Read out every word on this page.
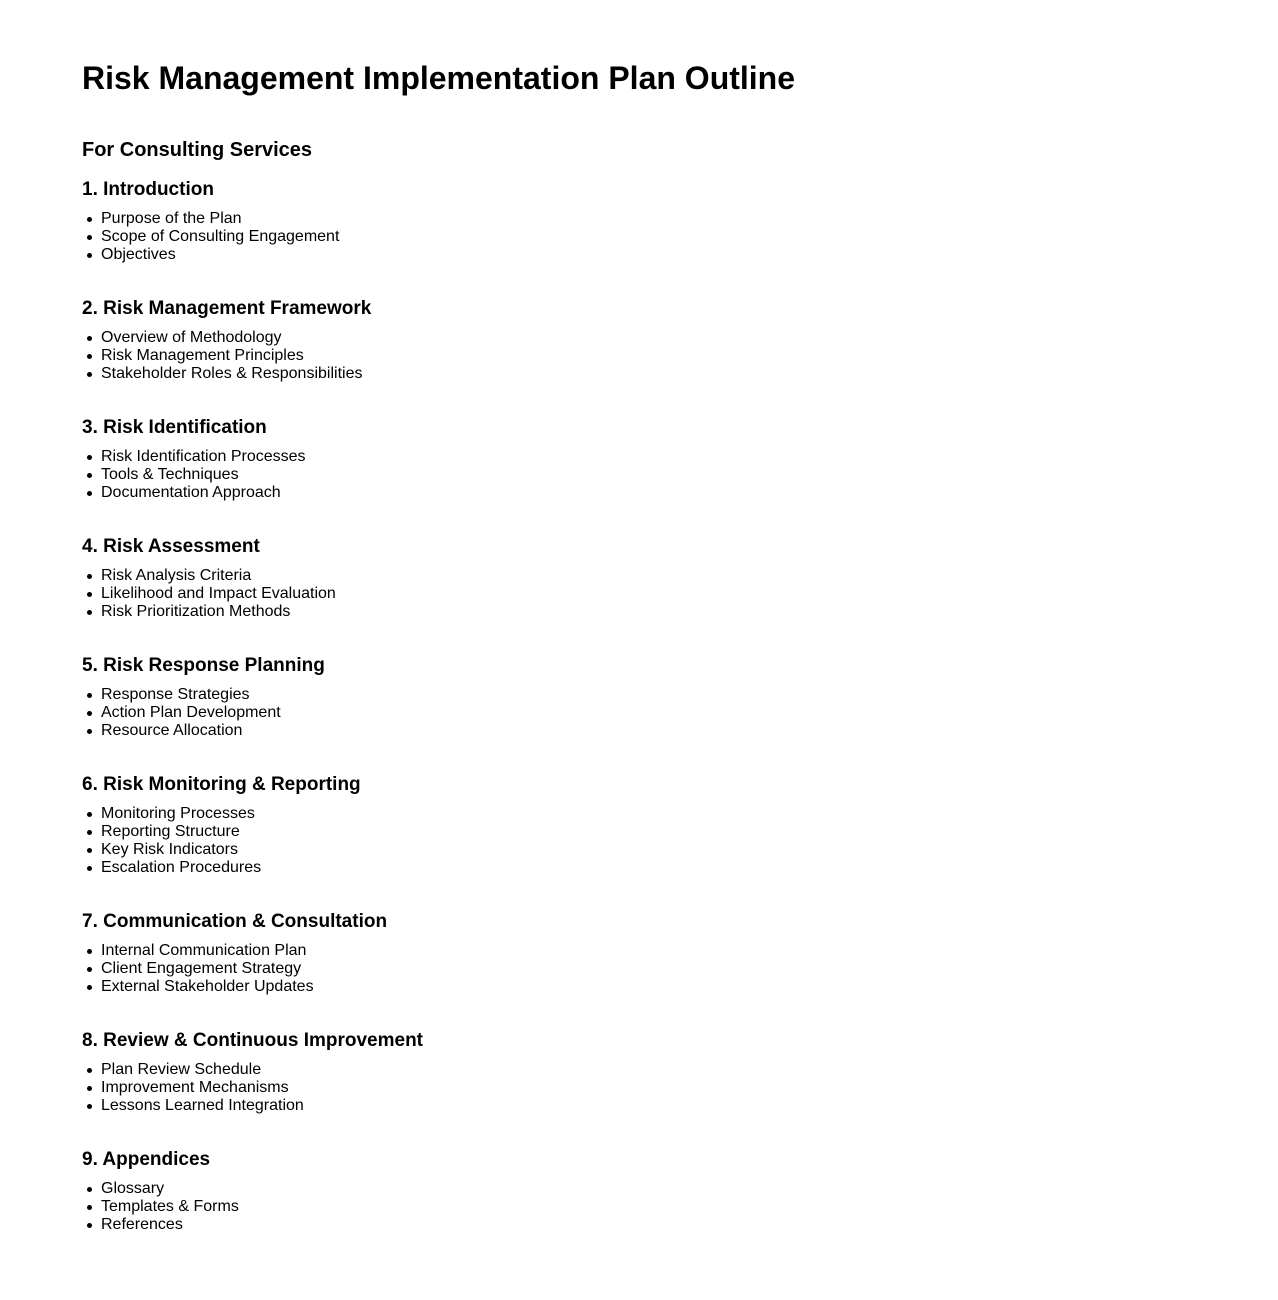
Risk Management Implementation Plan Outline
For Consulting Services
1. Introduction
Purpose of the Plan
Scope of Consulting Engagement
Objectives
2. Risk Management Framework
Overview of Methodology
Risk Management Principles
Stakeholder Roles & Responsibilities
3. Risk Identification
Risk Identification Processes
Tools & Techniques
Documentation Approach
4. Risk Assessment
Risk Analysis Criteria
Likelihood and Impact Evaluation
Risk Prioritization Methods
5. Risk Response Planning
Response Strategies
Action Plan Development
Resource Allocation
6. Risk Monitoring & Reporting
Monitoring Processes
Reporting Structure
Key Risk Indicators
Escalation Procedures
7. Communication & Consultation
Internal Communication Plan
Client Engagement Strategy
External Stakeholder Updates
8. Review & Continuous Improvement
Plan Review Schedule
Improvement Mechanisms
Lessons Learned Integration
9. Appendices
Glossary
Templates & Forms
References
